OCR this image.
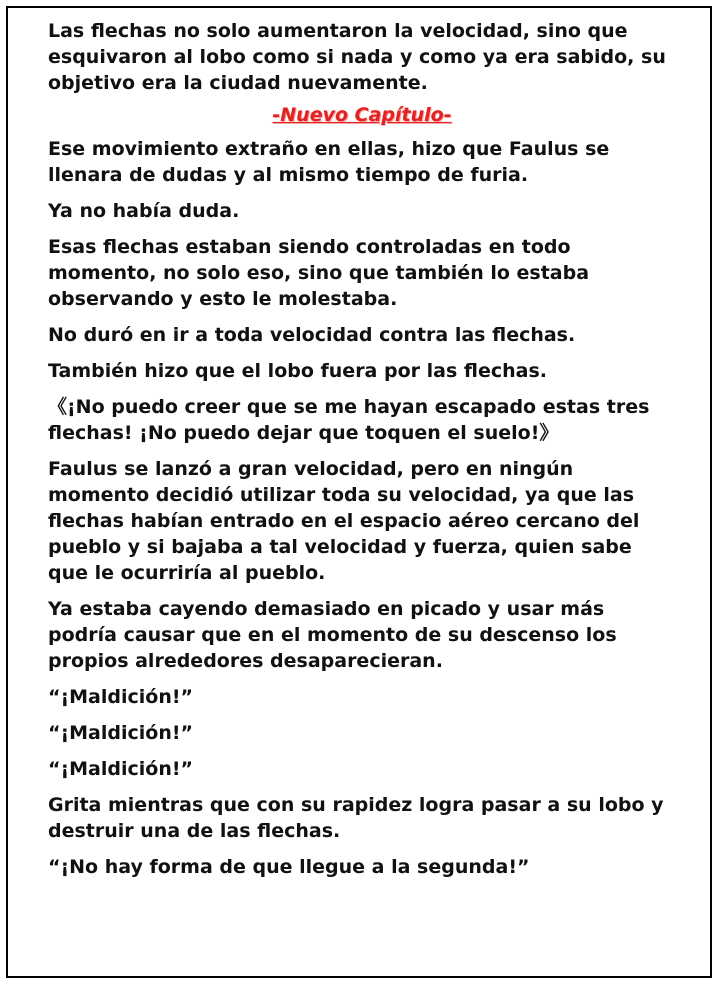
Las flechas no solo aumentaron la velocidad, sino que esquivaron al lobo como si nada y como ya era sabido, su objetivo era la ciudad nuevamente.

-Nuevo Capítulo-

Ese movimiento extraño en ellas, hizo que Faulus se llenara de dudas y al mismo tiempo de furia.

Ya no había duda.

Esas flechas estaban siendo controladas en todo momento, no solo eso, sino que también lo estaba observando y esto le molestaba.

No duró en ir a toda velocidad contra las flechas.

También hizo que el lobo fuera por las flechas.

《¡No puedo creer que se me hayan escapado estas tres flechas! ¡No puedo dejar que toquen el suelo!》

Faulus se lanzó a gran velocidad, pero en ningún momento decidió utilizar toda su velocidad, ya que las flechas habían entrado en el espacio aéreo cercano del pueblo y si bajaba a tal velocidad y fuerza, quien sabe que le ocurriría al pueblo.

Ya estaba cayendo demasiado en picado y usar más podría causar que en el momento de su descenso los propios alrededores desaparecieran.

“¡Maldición!”

“¡Maldición!”

“¡Maldición!”

Grita mientras que con su rapidez logra pasar a su lobo y destruir una de las flechas.

“¡No hay forma de que llegue a la segunda!”
